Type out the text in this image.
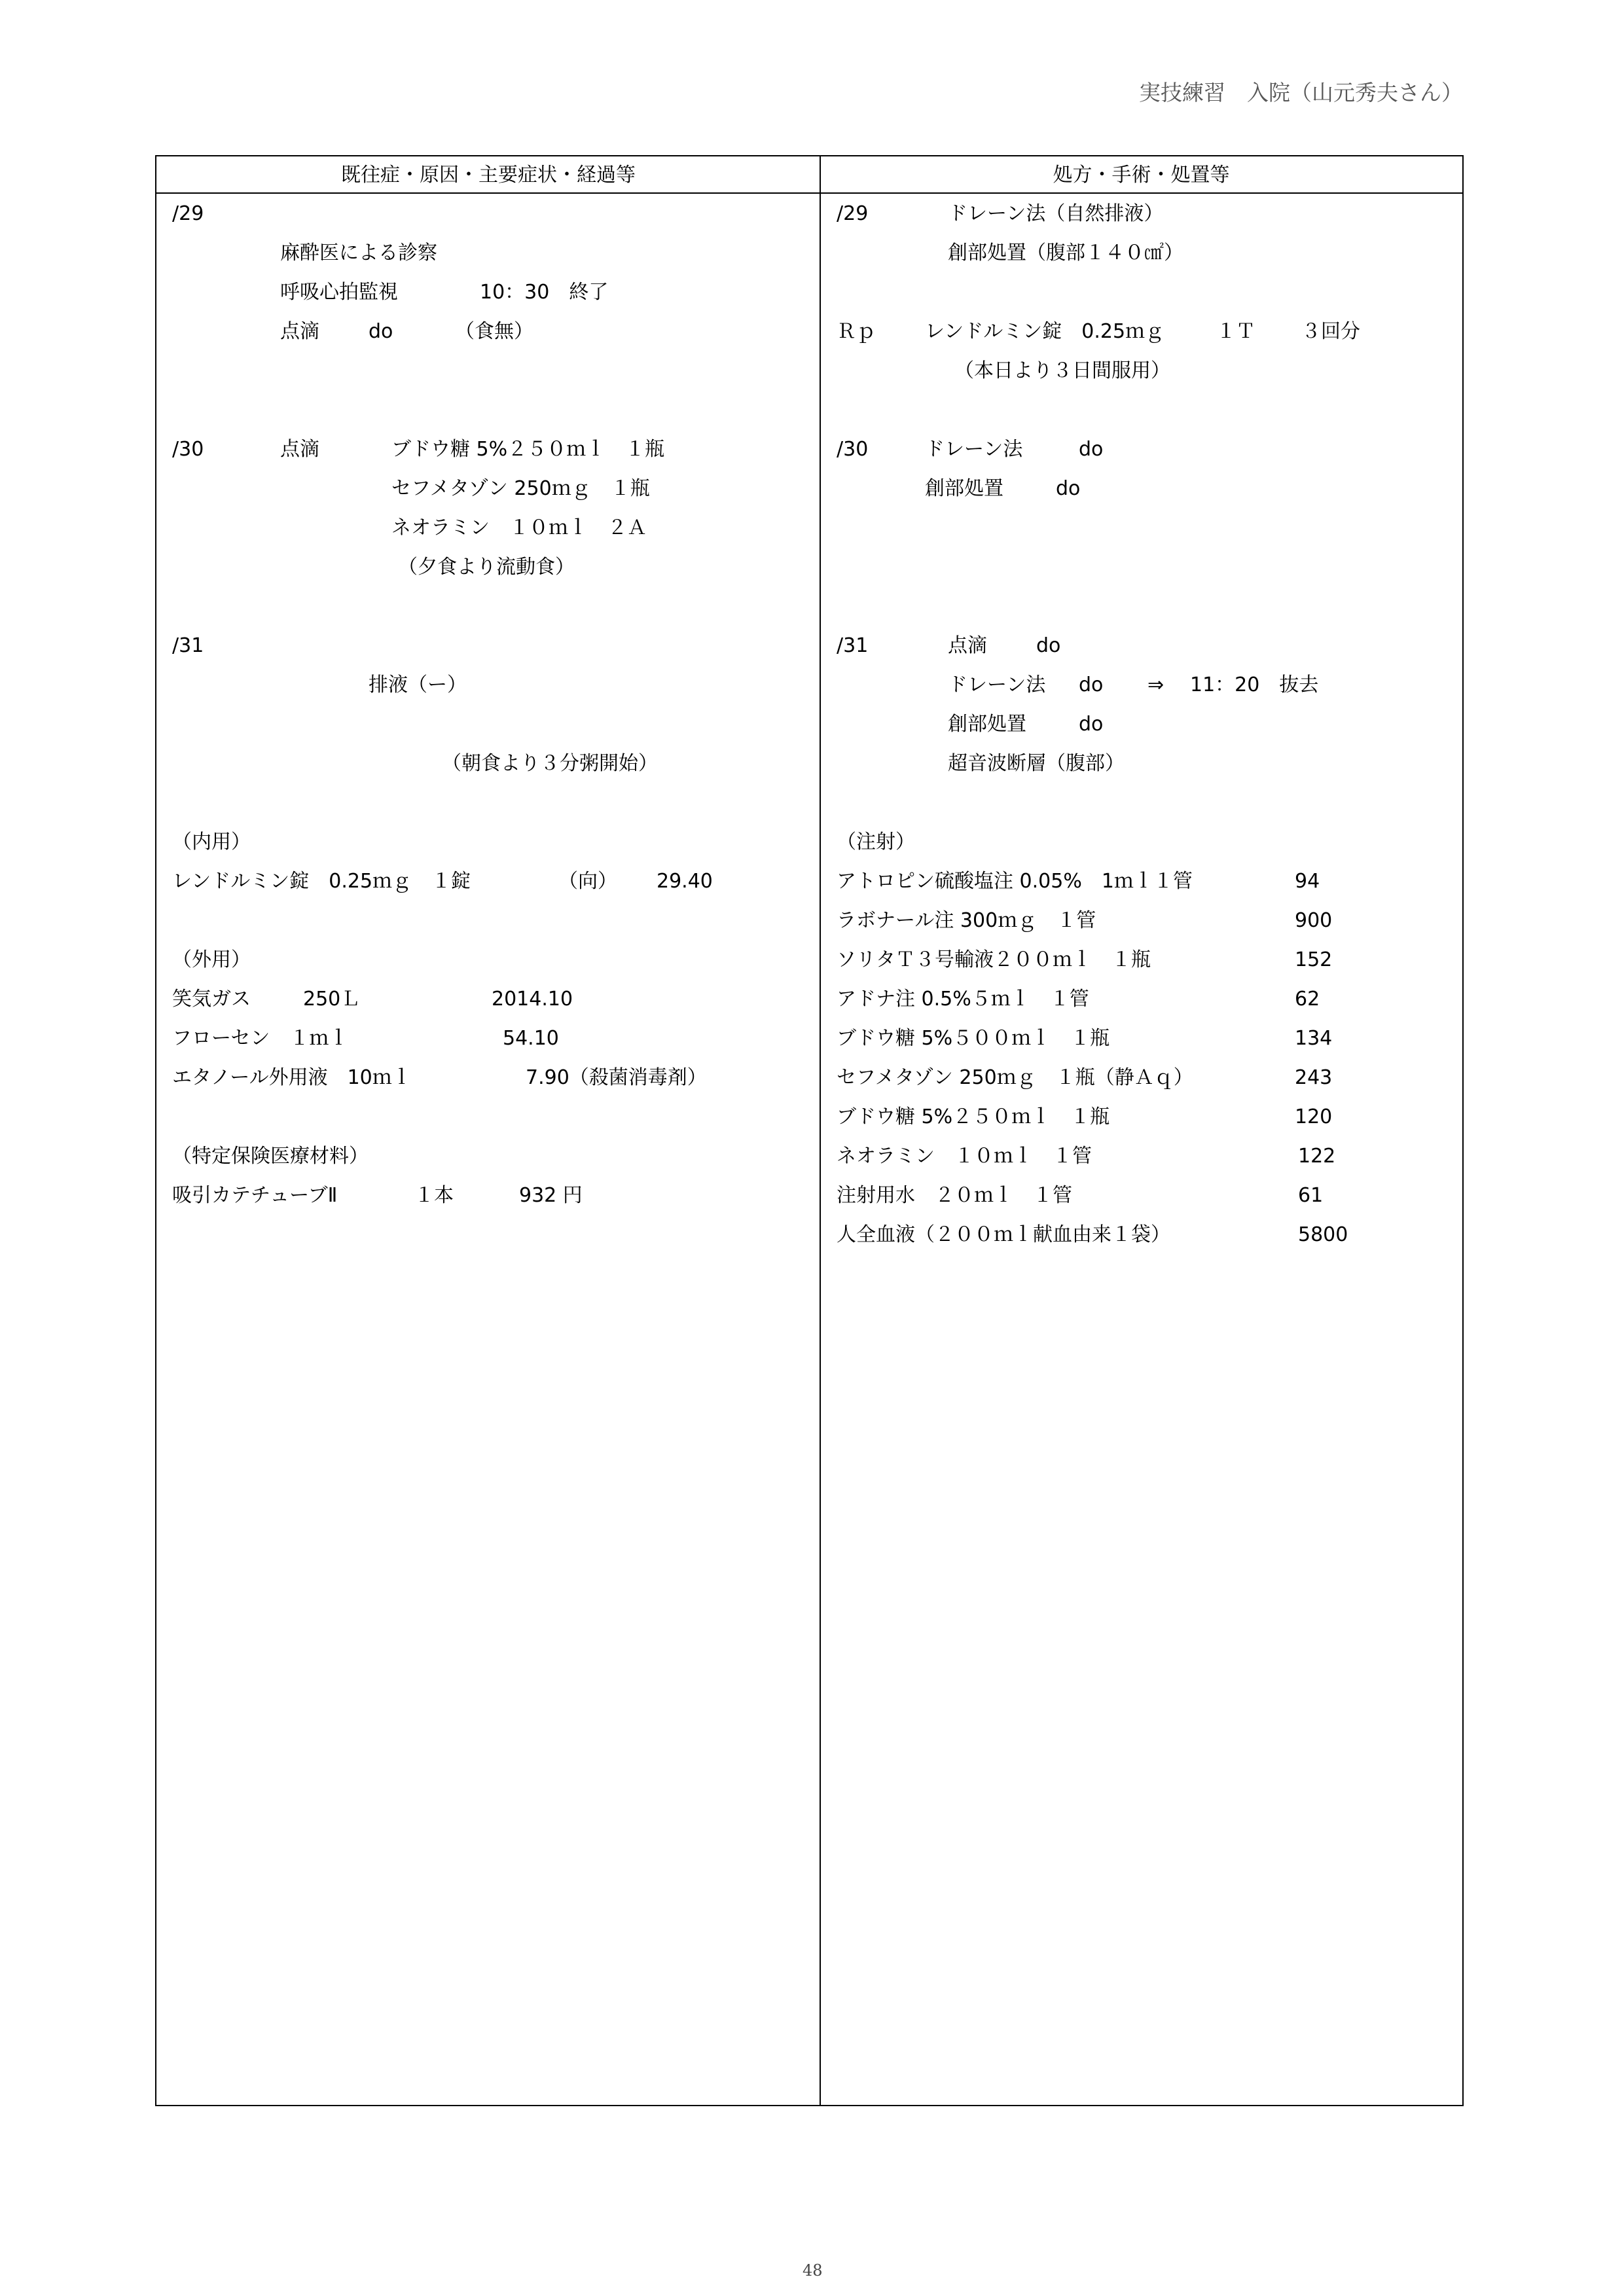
実技練習　入院（山元秀夫さん）
既往症・原因・主要症状・経過等	処方・手術・処置等
/29
麻酔医による診察
呼吸心拍監視	10：30　終了
点滴	do	（食無）
/30	点滴	ブドウ糖 5%２５０ｍｌ　１瓶
セフメタゾン 250ｍｇ　１瓶
ネオラミン　１０ｍｌ　２Ａ
（夕食より流動食）
/31
排液（ー）
（朝食より３分粥開始）
（内用）
レンドルミン錠　0.25ｍｇ　１錠	（向） 29.40
（外用）
笑気ガス	250Ｌ	2014.10
フローセン　１ｍｌ	54.10
エタノール外用液　10ｍｌ	7.90（殺菌消毒剤）
（特定保険医療材料）
吸引カテチューブⅡ	１本	932 円
/29	ドレーン法（自然排液）
創部処置（腹部１４０㎠）
Ｒｐ	レンドルミン錠　0.25ｍｇ	１Ｔ ３回分
（本日より３日間服用）
/30	ドレーン法	do
創部処置	do
/31	点滴	do
ドレーン法 do ⇒ 11：20　抜去
創部処置	do
超音波断層（腹部）
（注射）
アトロピン硫酸塩注 0.05%　1ｍｌ１管	94
ラボナール注 300ｍｇ　１管	900
ソリタＴ３号輸液２００ｍｌ　１瓶	152
アドナ注 0.5%５ｍｌ　１管	62
ブドウ糖 5%５００ｍｌ　１瓶	134
セフメタゾン 250ｍｇ　１瓶（静Ａｑ）	243
ブドウ糖 5%２５０ｍｌ　１瓶	120
ネオラミン　１０ｍｌ　１管	122
注射用水　２０ｍｌ　１管	61
人全血液（２００ｍｌ献血由来１袋）	5800
48
